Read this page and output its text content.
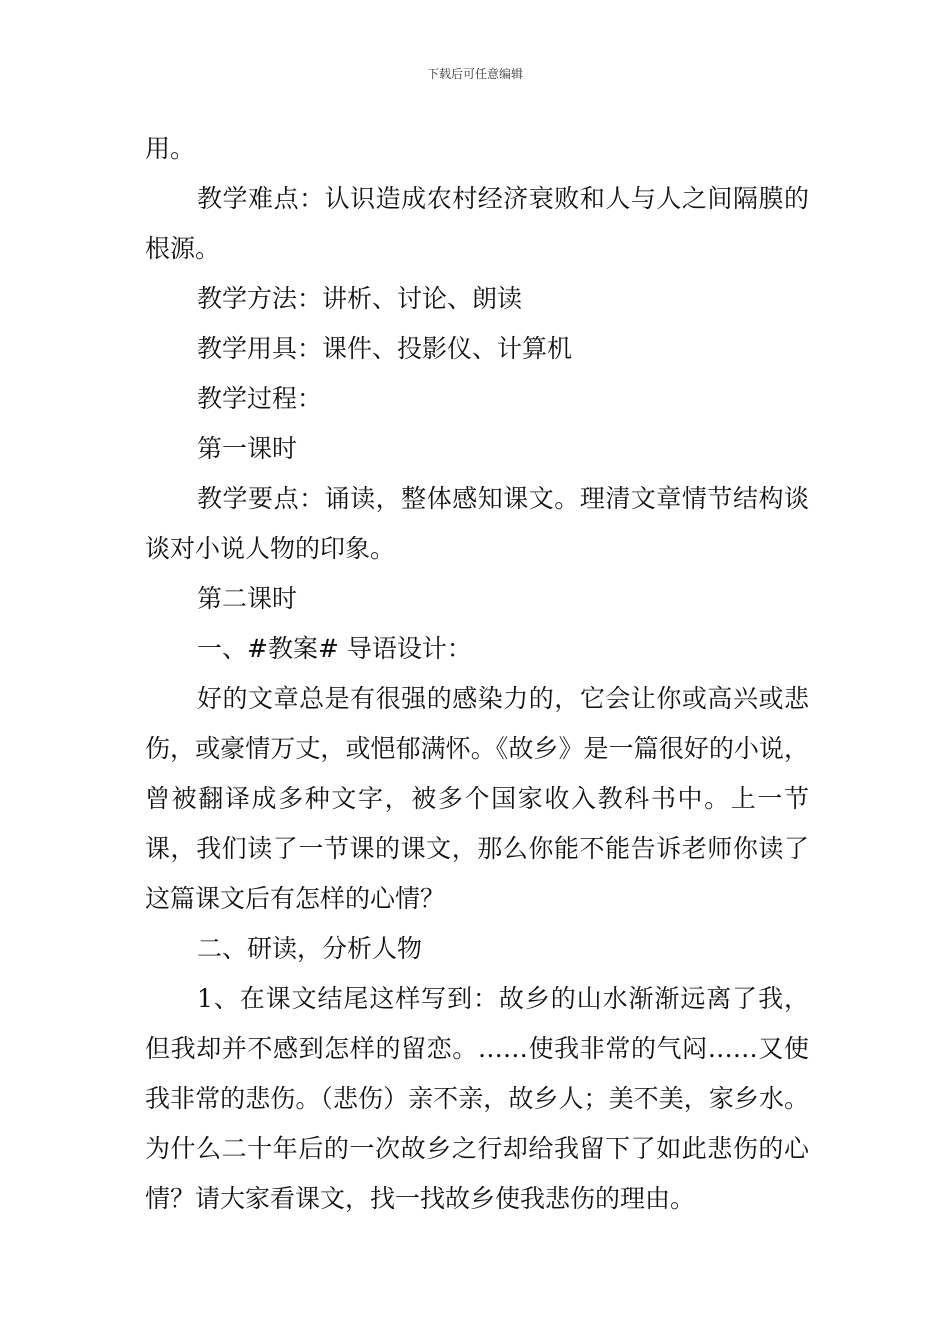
下载后可任意编辑

用。

教学难点：认识造成农村经济衰败和人与人之间隔膜的根源。

教学方法：讲析、讨论、朗读

教学用具：课件、投影仪、计算机

教学过程：

第一课时

教学要点：诵读，整体感知课文。理清文章情节结构谈谈对小说人物的印象。

第二课时

一、#教案# 导语设计：

好的文章总是有很强的感染力的，它会让你或高兴或悲伤，或豪情万丈，或悒郁满怀。《故乡》是一篇很好的小说，曾被翻译成多种文字，被多个国家收入教科书中。上一节课，我们读了一节课的课文，那么你能不能告诉老师你读了这篇课文后有怎样的心情？

二、研读，分析人物

1、在课文结尾这样写到：故乡的山水渐渐远离了我，但我却并不感到怎样的留恋。……使我非常的气闷……又使我非常的悲伤。（悲伤）亲不亲，故乡人；美不美，家乡水。为什么二十年后的一次故乡之行却给我留下了如此悲伤的心情？请大家看课文，找一找故乡使我悲伤的理由。
